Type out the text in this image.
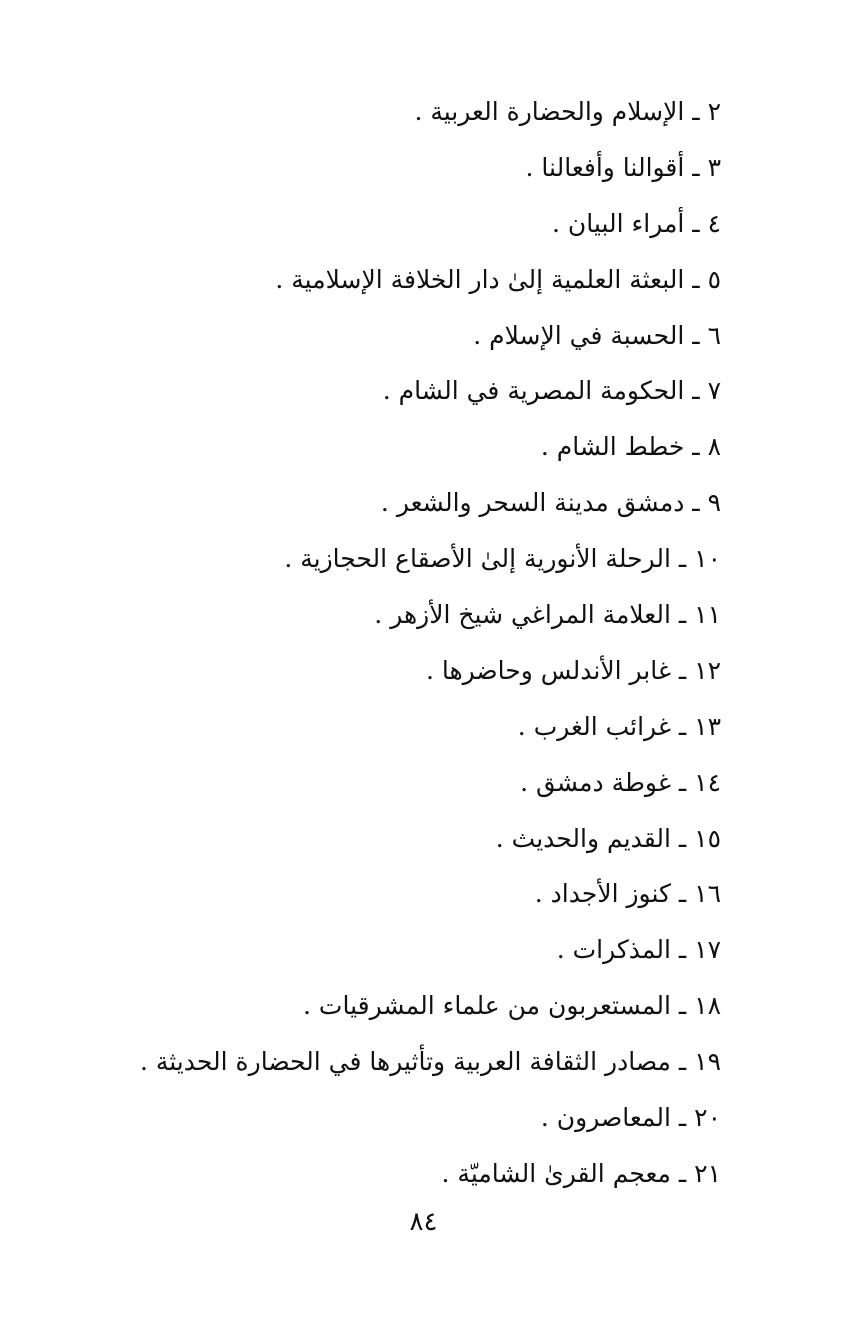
٢ ـ الإسلام والحضارة العربية .
٣ ـ أقوالنا وأفعالنا .
٤ ـ أمراء البيان .
٥ ـ البعثة العلمية إلىٰ دار الخلافة الإسلامية .
٦ ـ الحسبة في الإسلام .
٧ ـ الحكومة المصرية في الشام .
٨ ـ خطط الشام .
٩ ـ دمشق مدينة السحر والشعر .
١٠ ـ الرحلة الأنورية إلىٰ الأصقاع الحجازية .
١١ ـ العلامة المراغي شيخ الأزهر .
١٢ ـ غابر الأندلس وحاضرها .
١٣ ـ غرائب الغرب .
١٤ ـ غوطة دمشق .
١٥ ـ القديم والحديث .
١٦ ـ كنوز الأجداد .
١٧ ـ المذكرات .
١٨ ـ المستعربون من علماء المشرقيات .
١٩ ـ مصادر الثقافة العربية وتأثيرها في الحضارة الحديثة .
٢٠ ـ المعاصرون .
٢١ ـ معجم القرىٰ الشاميّة .
٨٤
